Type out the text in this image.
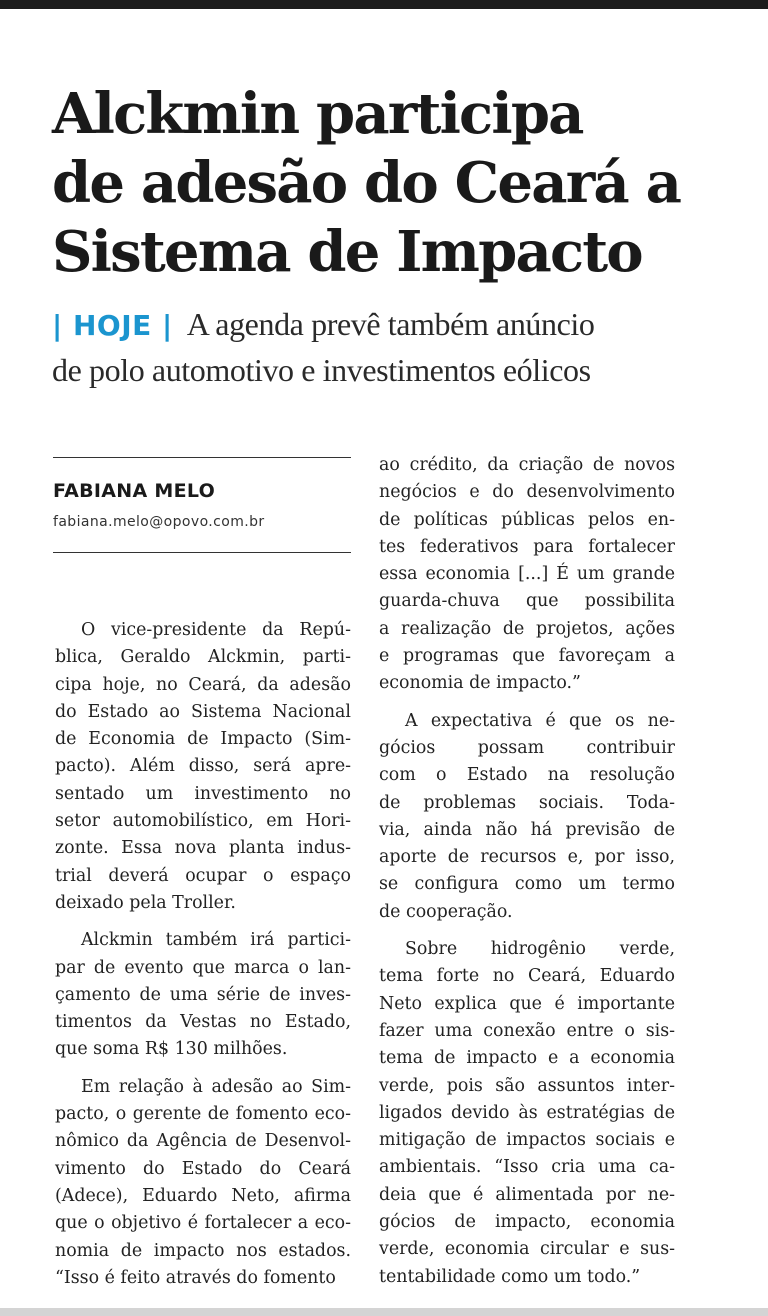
Alckmin participa
de adesão do Ceará a
Sistema de Impacto
| HOJE | A agenda prevê também anúncio
de polo automotivo e investimentos eólicos
FABIANA MELO
fabiana.melo@opovo.com.br
O vice-presidente da Repú-
blica, Geraldo Alckmin, parti-
cipa hoje, no Ceará, da adesão
do Estado ao Sistema Nacional
de Economia de Impacto (Sim-
pacto). Além disso, será apre-
sentado um investimento no
setor automobilístico, em Hori-
zonte. Essa nova planta indus-
trial deverá ocupar o espaço
deixado pela Troller.
Alckmin também irá partici-
par de evento que marca o lan-
çamento de uma série de inves-
timentos da Vestas no Estado,
que soma R$ 130 milhões.
Em relação à adesão ao Sim-
pacto, o gerente de fomento eco-
nômico da Agência de Desenvol-
vimento do Estado do Ceará
(Adece), Eduardo Neto, afirma
que o objetivo é fortalecer a eco-
nomia de impacto nos estados.
“Isso é feito através do fomento
ao crédito, da criação de novos
negócios e do desenvolvimento
de políticas públicas pelos en-
tes federativos para fortalecer
essa economia [...] É um grande
guarda-chuva que possibilita
a realização de projetos, ações
e programas que favoreçam a
economia de impacto.”
A expectativa é que os ne-
gócios possam contribuir
com o Estado na resolução
de problemas sociais. Toda-
via, ainda não há previsão de
aporte de recursos e, por isso,
se configura como um termo
de cooperação.
Sobre hidrogênio verde,
tema forte no Ceará, Eduardo
Neto explica que é importante
fazer uma conexão entre o sis-
tema de impacto e a economia
verde, pois são assuntos inter-
ligados devido às estratégias de
mitigação de impactos sociais e
ambientais. “Isso cria uma ca-
deia que é alimentada por ne-
gócios de impacto, economia
verde, economia circular e sus-
tentabilidade como um todo.”
